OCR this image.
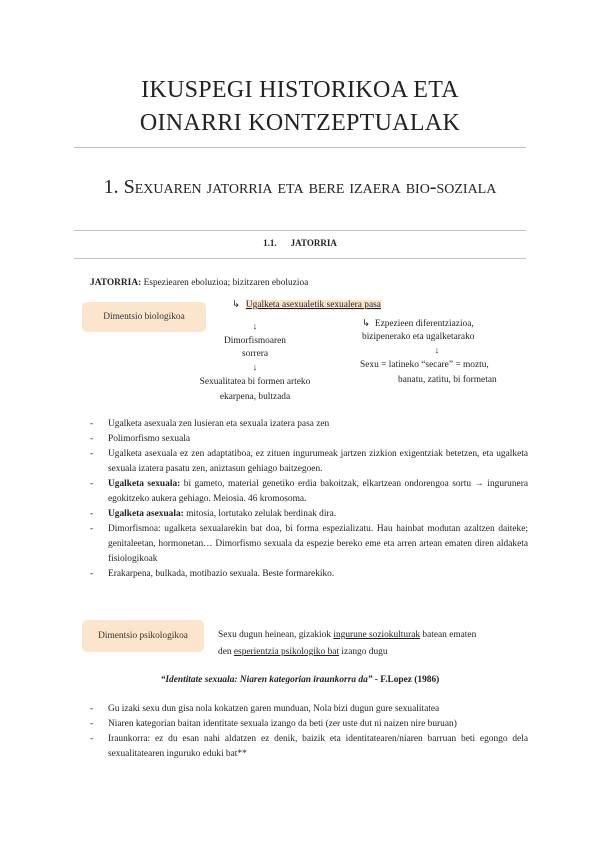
IKUSPEGI HISTORIKOA ETA
OINARRI KONTZEPTUALAK
1. Sexuaren jatorria eta bere izaera bio-soziala
1.1. JATORRIA
JATORRIA: Espeziearen eboluzioa; bizitzaren eboluzioa
Dimentsio biologikoa
↳ Ugalketa asexualetik sexualera pasa
↓
Dimorfismoaren
sorrera
↓
Sexualitatea bi formen arteko
ekarpena, bultzada
↳ Ezpezieen diferentziazioa,
bizipenerako eta ugalketarako
↓
Sexu = latineko “secare” = moztu,
banatu, zatitu, bi formetan
- Ugalketa asexuala zen lusieran eta sexuala izatera pasa zen
- Polimorfismo sexuala
- Ugalketa asexuala ez zen adaptatiboa, ez zituen ingurumeak jartzen zizkion exigentziak betetzen, eta ugalketa sexuala izatera pasatu zen, aniztasun gehiago baitzegoen.
- Ugalketa sexuala: bi gameto, material genetiko erdia bakoitzak, elkartzean ondorengoa sortu → ingurunera egokitzeko aukera gehiago. Meiosia. 46 kromosoma.
- Ugalketa asexuala: mitosia, lortutako zelulak berdinak dira.
- Dimorfismoa: ugalketa sexualarekin bat doa, bi forma espezializatu. Hau hainbat modutan azaltzen daiteke; genitaleetan, hormonetan… Dimorfismo sexuala da espezie bereko eme eta arren artean ematen diren aldaketa fisiologikoak
- Erakarpena, bulkada, motibazio sexuala. Beste formarekiko.
Dimentsio psikologikoa	Sexu dugun heinean, gizakiok ingurune soziokulturak batean ematen
den esperientzia psikologiko bat izango dugu
“Identitate sexuala: Niaren kategorian iraunkorra da” - F.Lopez (1986)
- Gu izaki sexu dun gisa nola kokatzen garen munduan, Nola bizi dugun gure sexualitatea
- Niaren kategorian baitan identitate sexuala izango da beti (zer uste dut ni naizen nire buruan)
- Iraunkorra: ez du esan nahi aldatzen ez denik, baizik eta identitatearen/niaren barruan beti egongo dela sexualitatearen inguruko eduki bat**
